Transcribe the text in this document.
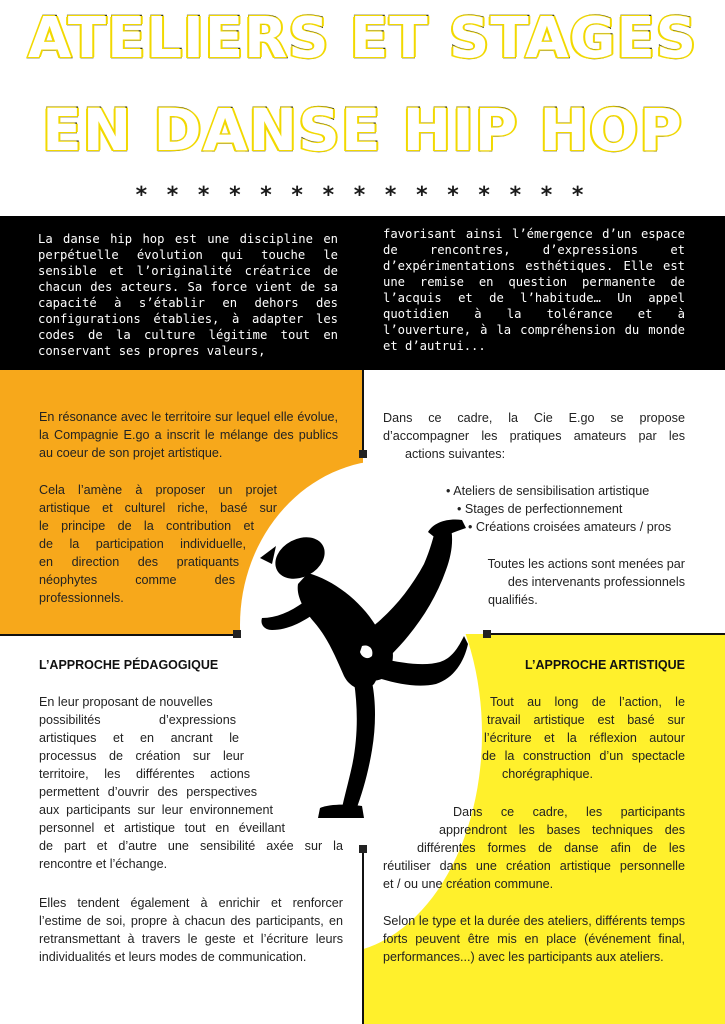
ATELIERS ET STAGES
EN DANSE HIP HOP
* * * * * * * * * * * * * * *

La danse hip hop est une discipline en perpétuelle évolution qui touche le sensible et l’originalité créatrice de chacun des acteurs. Sa force vient de sa capacité à s’établir en dehors des configurations établies, à adapter les codes de la culture légitime tout en conservant ses propres valeurs,

favorisant ainsi l’émergence d’un espace de rencontres, d’expressions et d’expérimentations esthétiques. Elle est une remise en question permanente de l’acquis et de l’habitude… Un appel quotidien à la tolérance et à l’ouverture, à la compréhension du monde et d’autrui...

En résonance avec le territoire sur lequel elle évolue, la Compagnie E.go a inscrit le mélange des publics au coeur de son projet artistique.

Cela l’amène à proposer un projet
artistique et culturel riche, basé sur
le principe de la contribution et
de la participation individuelle,
en direction des pratiquants
néophytes comme des
professionnels.
Dans ce cadre, la Cie E.go se propose
d’accompagner les pratiques amateurs par les
actions suivantes:
• Ateliers de sensibilisation artistique
• Stages de perfectionnement
• Créations croisées amateurs / pros
Toutes les actions sont menées par
des intervenants professionnels
qualifiés.
L’APPROCHE PÉDAGOGIQUE
En leur proposant de nouvelles
possibilités d’expressions
artistiques et en ancrant le
processus de création sur leur
territoire, les différentes actions
permettent d’ouvrir des perspectives
aux participants sur leur environnement
personnel et artistique tout en éveillant
de part et d’autre une sensibilité axée sur la
rencontre et l’échange.

Elles tendent également à enrichir et renforcer l’estime de soi, propre à chacun des participants, en retransmettant à travers le geste et l’écriture leurs individualités et leurs modes de communication.

L’APPROCHE ARTISTIQUE
Tout au long de l’action, le
travail artistique est basé sur
l’écriture et la réflexion autour
de la construction d’un spectacle
chorégraphique.
Dans ce cadre, les participants
apprendront les bases techniques des
différentes formes de danse afin de les
réutiliser dans une création artistique personnelle
et / ou une création commune.

Selon le type et la durée des ateliers, différents temps forts peuvent être mis en place (événement final, performances...) avec les participants aux ateliers.
